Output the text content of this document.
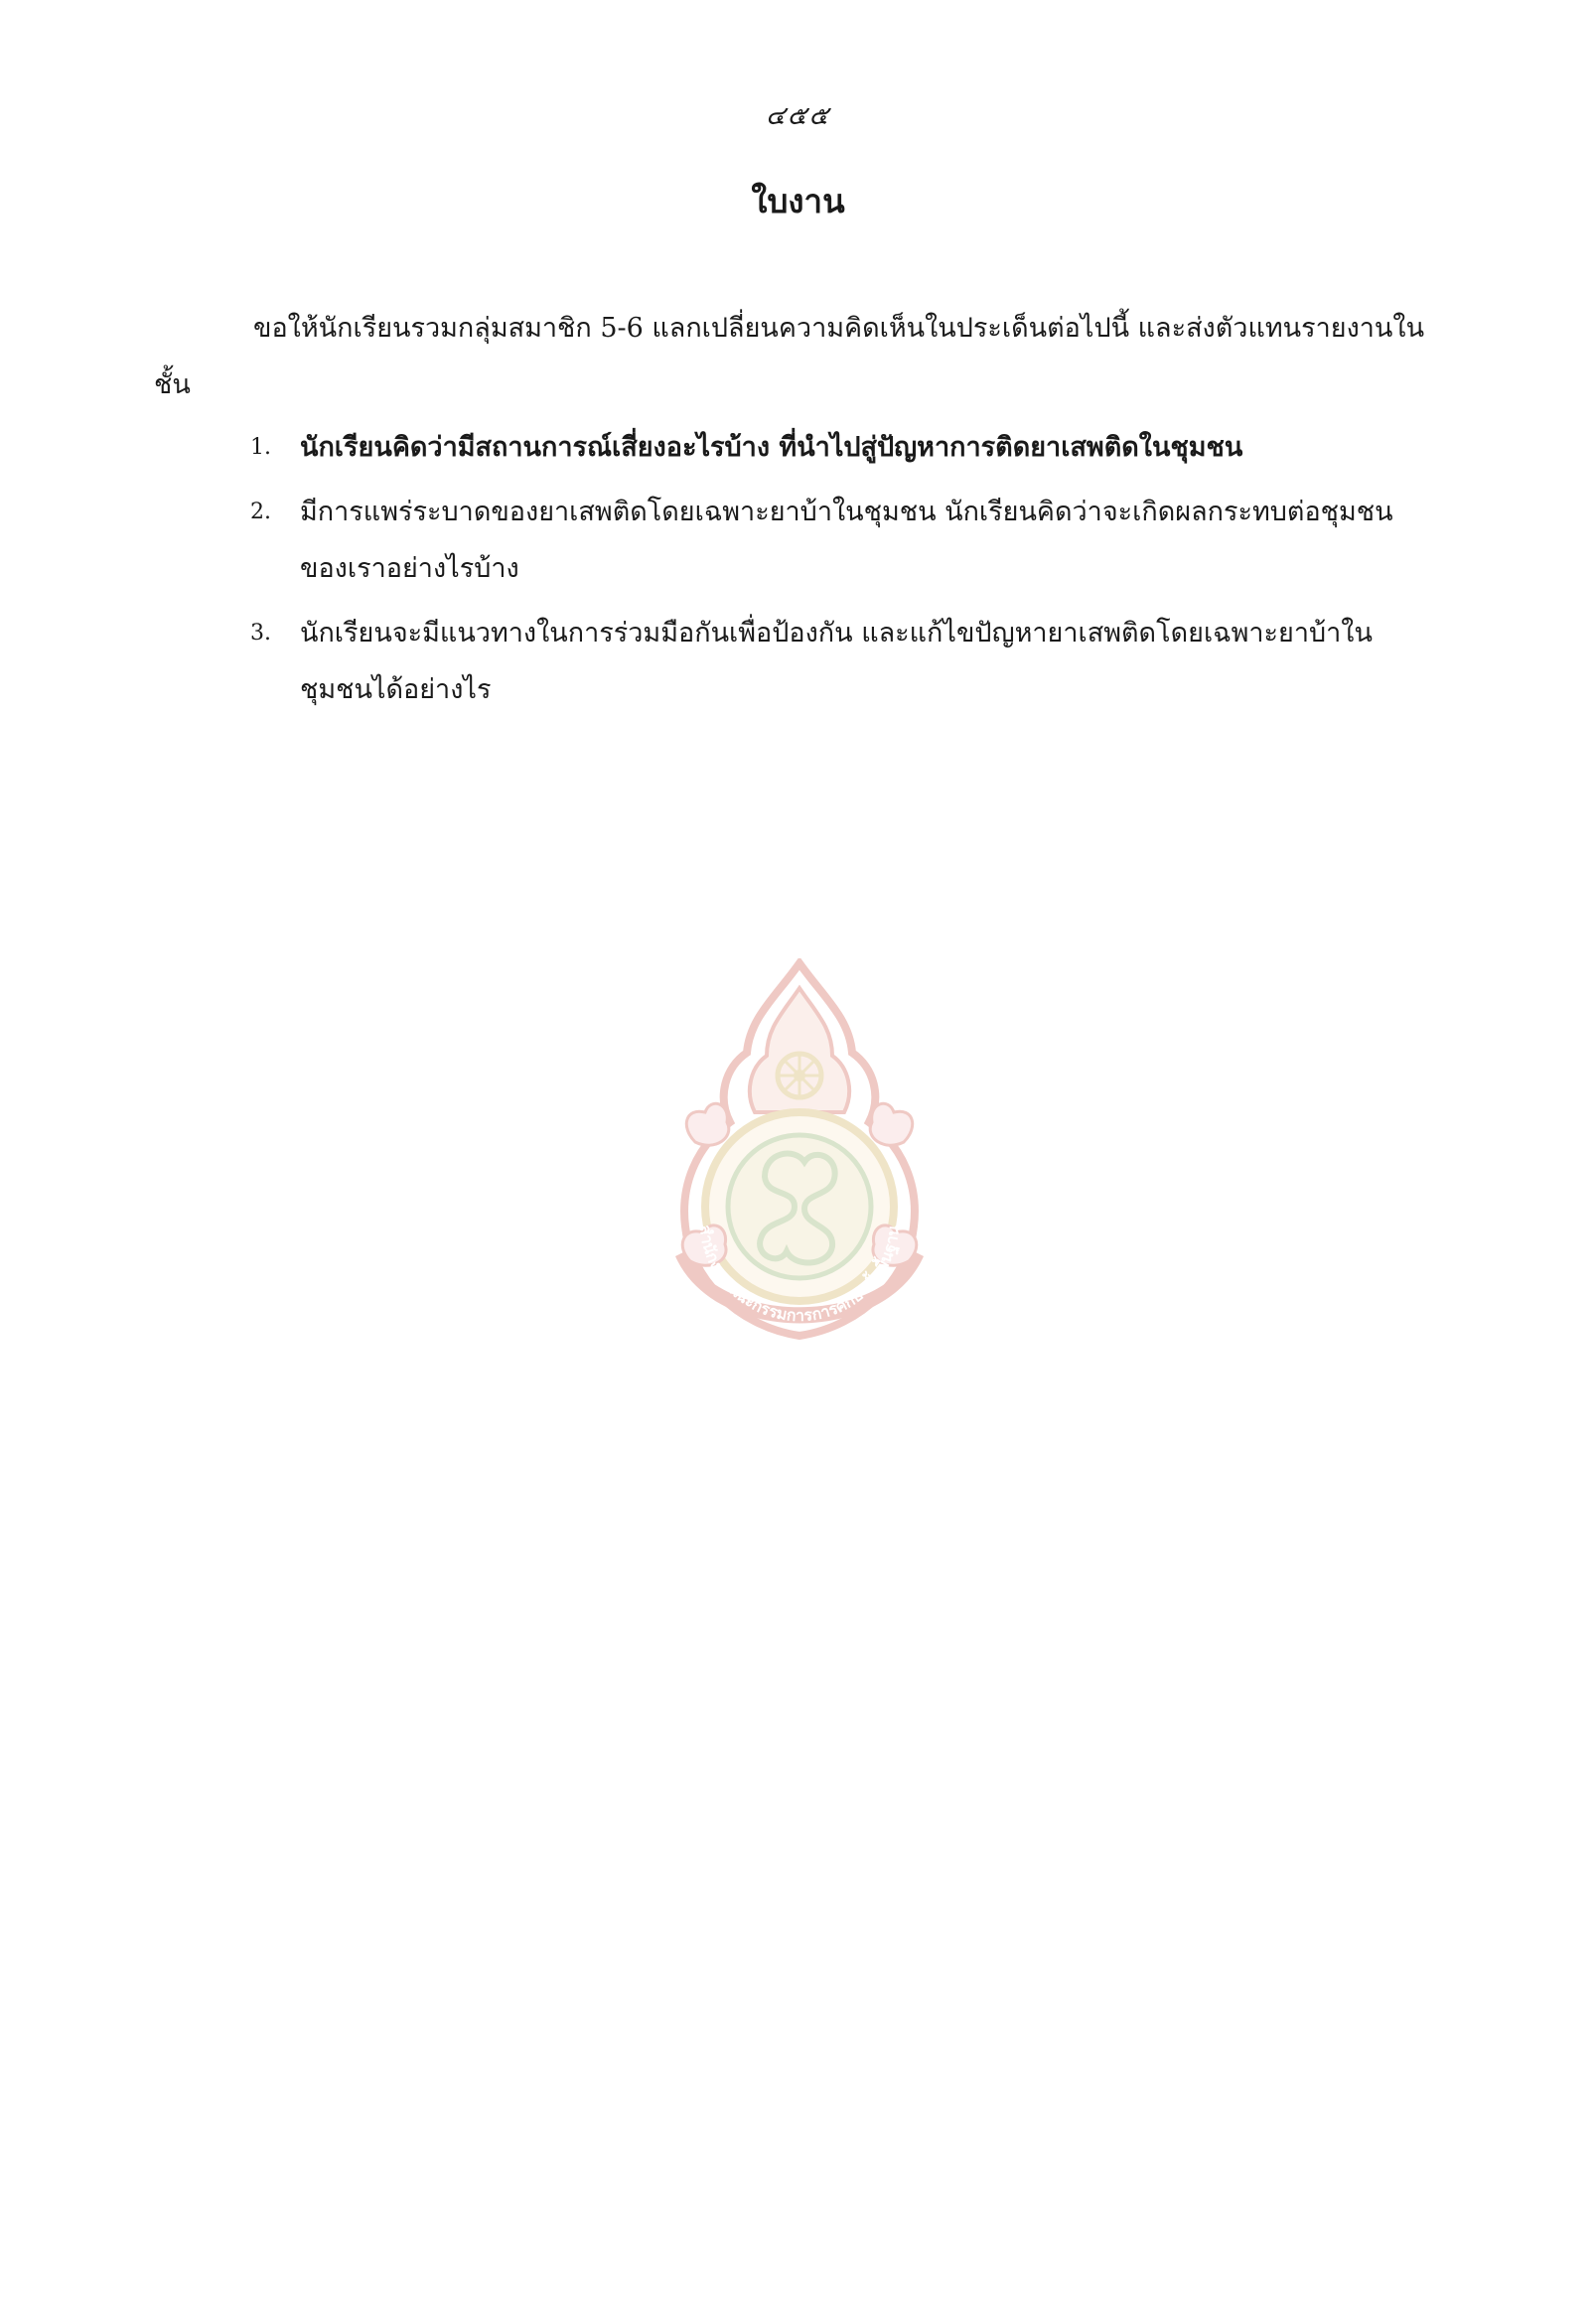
๔๕๕
ใบงาน
ขอให้นักเรียนรวมกลุ่มสมาชิก 5-6 แลกเปลี่ยนความคิดเห็นในประเด็นต่อไปนี้ และส่งตัวแทนรายงานในชั้น
1.	นักเรียนคิดว่ามีสถานการณ์เสี่ยงอะไรบ้าง ที่นำไปสู่ปัญหาการติดยาเสพติดในชุมชน
2.	มีการแพร่ระบาดของยาเสพติดโดยเฉพาะยาบ้าในชุมชน นักเรียนคิดว่าจะเกิดผลกระทบต่อชุมชนของเราอย่างไรบ้าง
3.	นักเรียนจะมีแนวทางในการร่วมมือกันเพื่อป้องกัน และแก้ไขปัญหายาเสพติดโดยเฉพาะยาบ้าในชุมชนได้อย่างไร
สำนักงานคณะกรรมการการศึกษาขั้นพื้นฐาน
